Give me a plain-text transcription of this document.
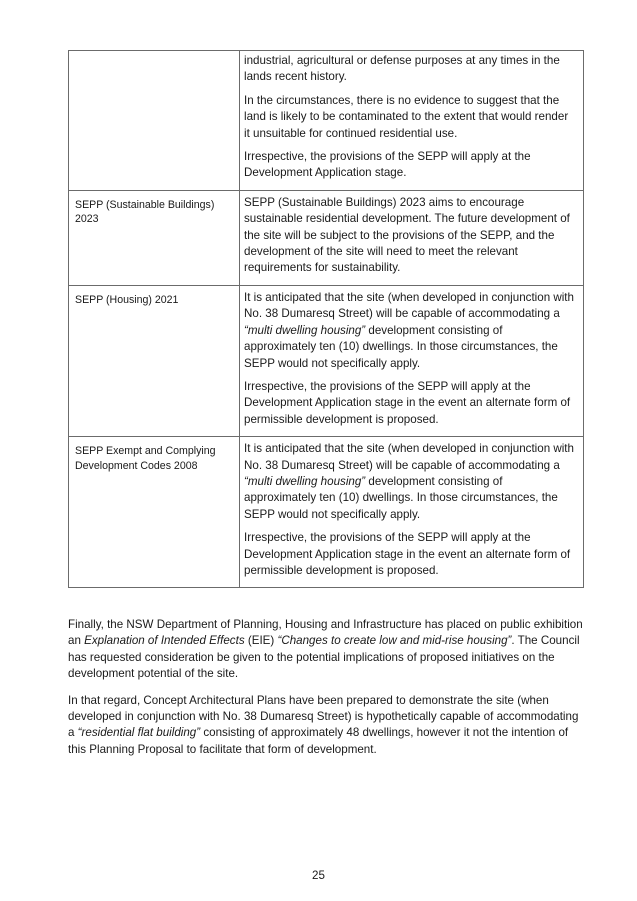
	industrial, agricultural or defense purposes at any times in the lands recent history.

In the circumstances, there is no evidence to suggest that the land is likely to be contaminated to the extent that would render it unsuitable for continued residential use.

Irrespective, the provisions of the SEPP will apply at the Development Application stage.

SEPP (Sustainable Buildings) 2023	SEPP (Sustainable Buildings) 2023 aims to encourage sustainable residential development. The future development of the site will be subject to the provisions of the SEPP, and the development of the site will need to meet the relevant requirements for sustainability.

SEPP (Housing) 2021	It is anticipated that the site (when developed in conjunction with No. 38 Dumaresq Street) will be capable of accommodating a “multi dwelling housing” development consisting of approximately ten (10) dwellings. In those circumstances, the SEPP would not specifically apply.

Irrespective, the provisions of the SEPP will apply at the Development Application stage in the event an alternate form of permissible development is proposed.

SEPP Exempt and Complying Development Codes 2008	It is anticipated that the site (when developed in conjunction with No. 38 Dumaresq Street) will be capable of accommodating a “multi dwelling housing” development consisting of approximately ten (10) dwellings. In those circumstances, the SEPP would not specifically apply.

Irrespective, the provisions of the SEPP will apply at the Development Application stage in the event an alternate form of permissible development is proposed.

Finally, the NSW Department of Planning, Housing and Infrastructure has placed on public exhibition an Explanation of Intended Effects (EIE) “Changes to create low and mid-rise housing”. The Council has requested consideration be given to the potential implications of proposed initiatives on the development potential of the site.

In that regard, Concept Architectural Plans have been prepared to demonstrate the site (when developed in conjunction with No. 38 Dumaresq Street) is hypothetically capable of accommodating a “residential flat building” consisting of approximately 48 dwellings, however it not the intention of this Planning Proposal to facilitate that form of development.

25
